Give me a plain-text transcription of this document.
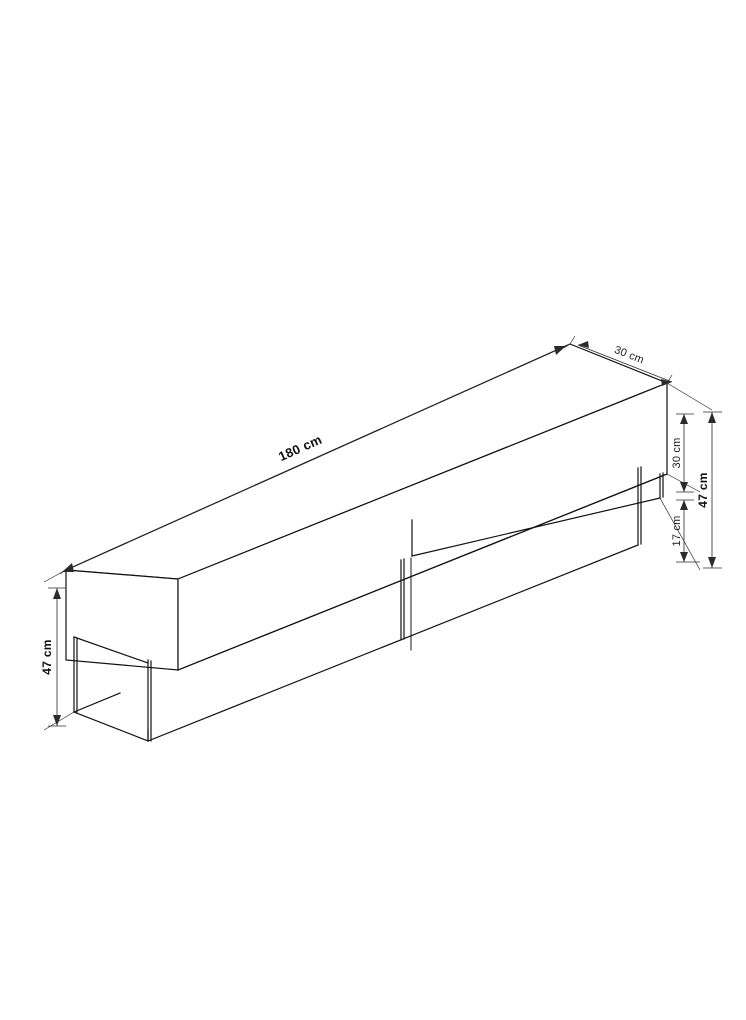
180 cm
30 cm
30 cm
17 cm
47 cm
47 cm
